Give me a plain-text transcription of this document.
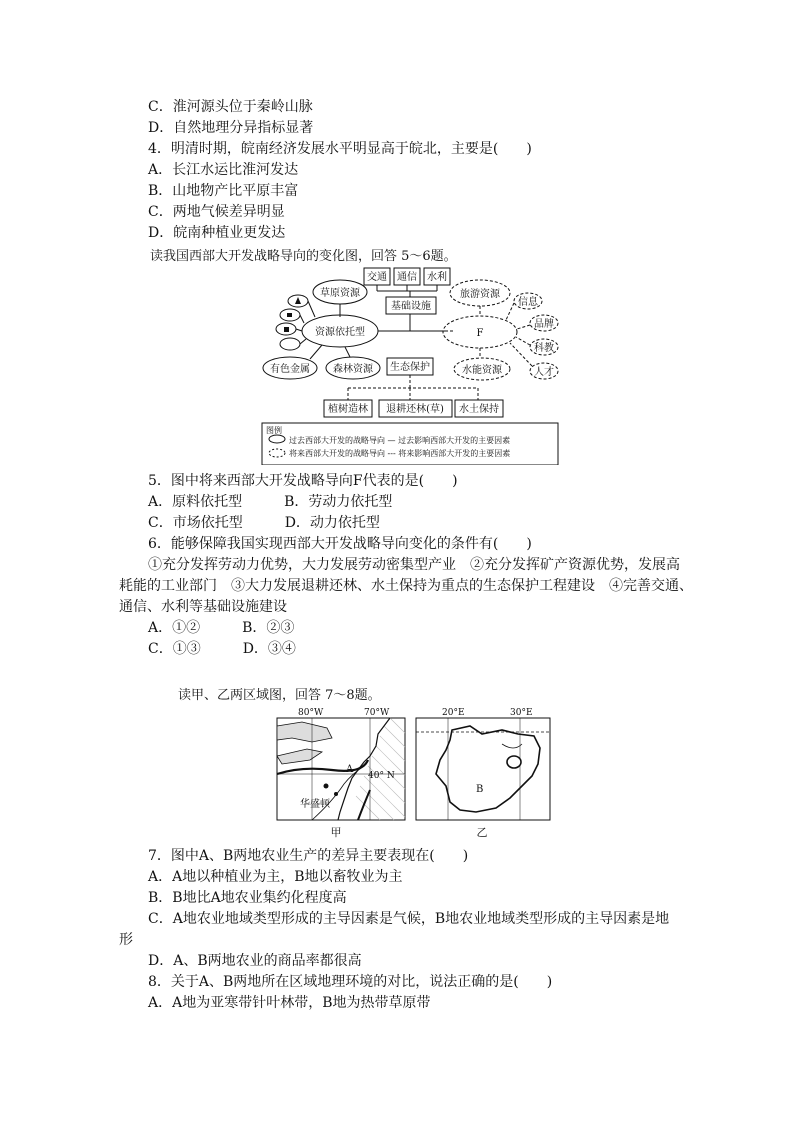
C．淮河源头位于秦岭山脉
D．自然地理分异指标显著
4．明清时期，皖南经济发展水平明显高于皖北，主要是(　　)
A．长江水运比淮河发达
B．山地物产比平原丰富
C．两地气候差异明显
D．皖南种植业更发达
读我国西部大开发战略导向的变化图，回答 5～6题。
交通 通信 水利
基础设施
草原资源	旅游资源
资源依托型	F
有色金属 森林资源 生态保护	水能资源
信息
品牌
科教
人才
植树造林 退耕还林(草) 水土保持
图例
过去西部大开发的战略导向 — 过去影响西部大开发的主要因素
将来西部大开发的战略导向 --- 将来影响西部大开发的主要因素
5．图中将来西部大开发战略导向F代表的是(　　)
A．原料依托型　　　B．劳动力依托型
C．市场依托型　　　D．动力依托型
6．能够保障我国实现西部大开发战略导向变化的条件有(　　)
①充分发挥劳动力优势，大力发展劳动密集型产业　②充分发挥矿产资源优势，发展高
耗能的工业部门　③大力发展退耕还林、水土保持为重点的生态保护工程建设　④完善交通、
通信、水利等基础设施建设
A．①②　　　B．②③
C．①③　　　D．③④
读甲、乙两区域图，回答 7～8题。
80°W	70°W
40° N
A
华盛顿
甲
20°E	30°E
B
乙
7．图中A、B两地农业生产的差异主要表现在(　　)
A．A地以种植业为主，B地以畜牧业为主
B．B地比A地农业集约化程度高
C．A地农业地域类型形成的主导因素是气候，B地农业地域类型形成的主导因素是地
形
D．A、B两地农业的商品率都很高
8．关于A、B两地所在区域地理环境的对比，说法正确的是(　　)
A．A地为亚寒带针叶林带，B地为热带草原带
